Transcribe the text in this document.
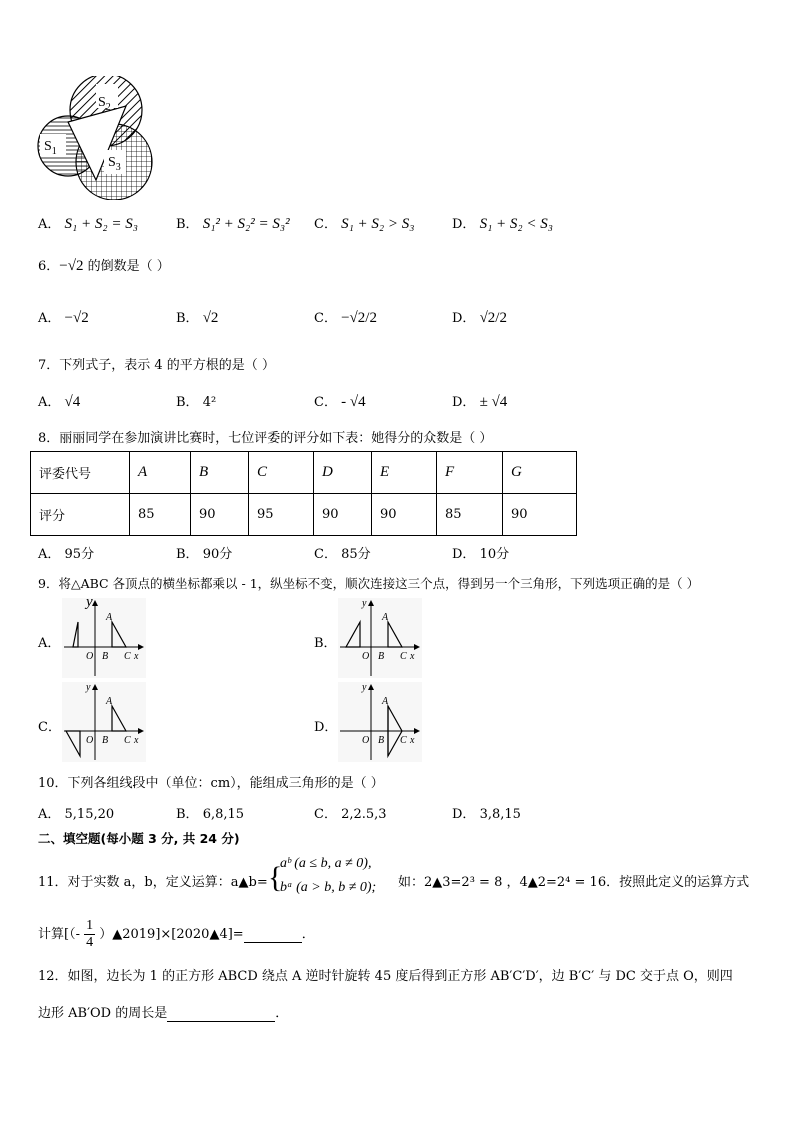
$S_2$
$S_1$
$S_3$
A． S₁ + S₂ = S₃	B． S₁² + S₂² = S₃² C． S₁ + S₂ > S₃	D． S₁ + S₂ < S₃
6．−√2 的倒数是（ ）
A． −√2	B． √2	C． −√2/2	D． √2/2
7．下列式子，表示 4 的平方根的是（ ）
A． √4	B． 4²	C． - √4	D． ± √4
8．丽丽同学在参加演讲比赛时，七位评委的评分如下表：她得分的众数是（ ）
评委代号	A	B	C	D	E	F	G
评分	85	90	95	90	90	85	90
A． 95分	B． 90分	C． 85分	D． 10分
9．将△ABC 各顶点的横坐标都乘以 - 1，纵坐标不变，顺次连接这三个点，得到另一个三角形，下列选项正确的是（ ）
A．	B．
C．	D．
y
A
O B C x
y
A
O B C x
y
A
O B C x
y
A
O B C x
10．下列各组线段中（单位：cm），能组成三角形的是（ ）
A． 5,15,20	B． 6,8,15	C． 2,2.5,3	D． 3,8,15
二、填空题(每小题 3 分, 共 24 分)
11．对于实数 a，b，定义运算：a▲b= {
aᵇ (a ≤ b, a ≠ 0),
bᵃ (a > b, b ≠ 0); 如：2▲3=2³ = 8 ，4▲2=2⁴ = 16．按照此定义的运算方式
计算[（- $\frac{1}{4}$ ）▲2019]×[2020▲4]=	．
12．如图，边长为 1 的正方形 ABCD 绕点 A 逆时针旋转 45 度后得到正方形 AB′C′D′，边 B′C′ 与 DC 交于点 O，则四
边形 AB′OD 的周长是	．
